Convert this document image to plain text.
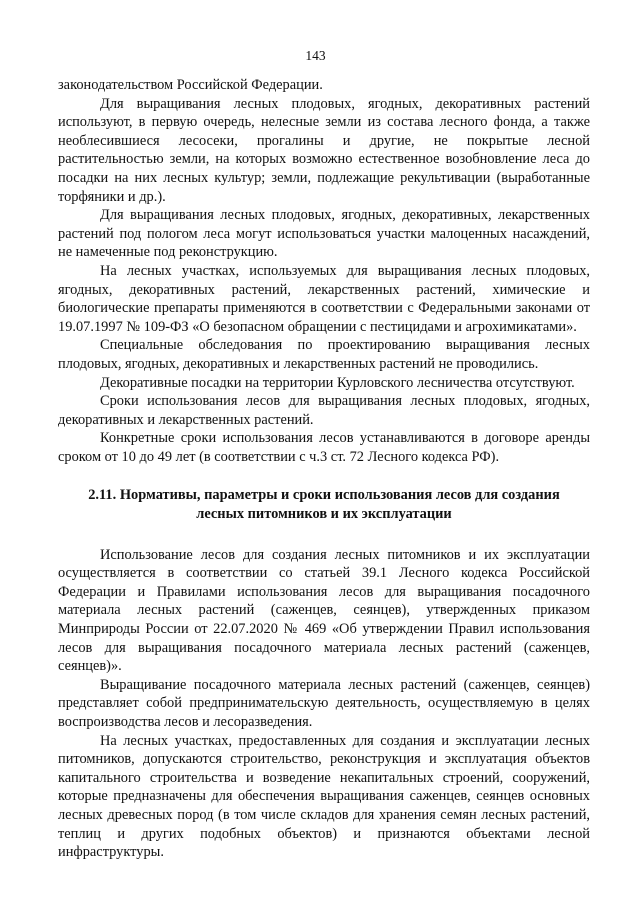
143

законодательством Российской Федерации.

Для выращивания лесных плодовых, ягодных, декоративных растений используют, в первую очередь, нелесные земли из состава лесного фонда, а также необлесившиеся лесосеки, прогалины и другие, не покрытые лесной растительностью земли, на которых возможно естественное возобновление леса до посадки на них лесных культур; земли, подлежащие рекультивации (выработанные торфяники и др.).

Для выращивания лесных плодовых, ягодных, декоративных, лекарственных растений под пологом леса могут использоваться участки малоценных насаждений, не намеченные под реконструкцию.

На лесных участках, используемых для выращивания лесных плодовых, ягодных, декоративных растений, лекарственных растений, химические и биологические препараты применяются в соответствии с Федеральными законами от 19.07.1997 № 109-ФЗ «О безопасном обращении с пестицидами и агрохимикатами».

Специальные обследования по проектированию выращивания лесных плодовых, ягодных, декоративных и лекарственных растений не проводились.

Декоративные посадки на территории Курловского лесничества отсутствуют.

Сроки использования лесов для выращивания лесных плодовых, ягодных, декоративных и лекарственных растений.

Конкретные сроки использования лесов устанавливаются в договоре аренды сроком от 10 до 49 лет (в соответствии с ч.3 ст. 72 Лесного кодекса РФ).

2.11. Нормативы, параметры и сроки использования лесов для создания
лесных питомников и их эксплуатации

Использование лесов для создания лесных питомников и их эксплуатации осуществляется в соответствии со статьей 39.1 Лесного кодекса Российской Федерации и Правилами использования лесов для выращивания посадочного материала лесных растений (саженцев, сеянцев), утвержденных приказом Минприроды России от 22.07.2020 № 469 «Об утверждении Правил использования лесов для выращивания посадочного материала лесных растений (саженцев, сеянцев)».

Выращивание посадочного материала лесных растений (саженцев, сеянцев) представляет собой предпринимательскую деятельность, осуществляемую в целях воспроизводства лесов и лесоразведения.

На лесных участках, предоставленных для создания и эксплуатации лесных питомников, допускаются строительство, реконструкция и эксплуатация объектов капитального строительства и возведение некапитальных строений, сооружений, которые предназначены для обеспечения выращивания саженцев, сеянцев основных лесных древесных пород (в том числе складов для хранения семян лесных растений, теплиц и других подобных объектов) и признаются объектами лесной инфраструктуры.
